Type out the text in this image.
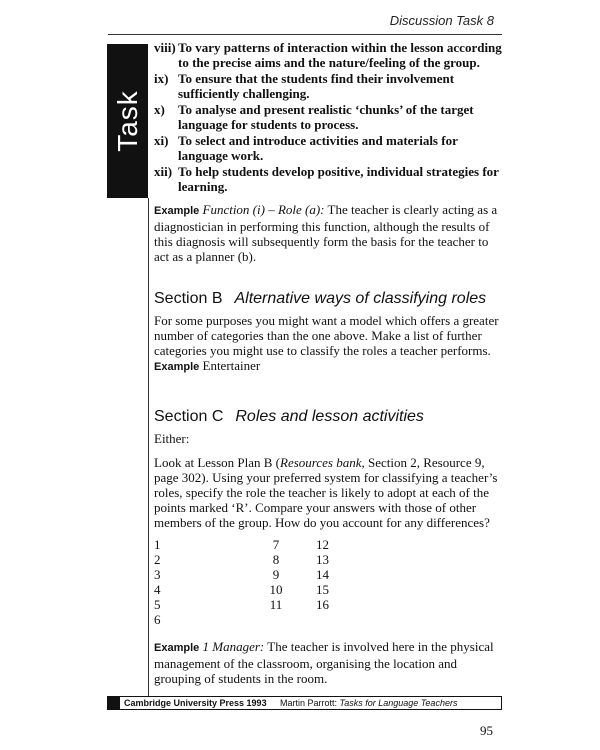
Discussion Task 8
Task
viii) To vary patterns of interaction within the lesson according to the precise aims and the nature/feeling of the group.
ix) To ensure that the students find their involvement sufficiently challenging.
x)	To analyse and present realistic ‘chunks’ of the target language for students to process.
xi) To select and introduce activities and materials for language work.
xii) To help students develop positive, individual strategies for learning.

Example Function (i) – Role (a): The teacher is clearly acting as a diagnostician in performing this function, although the results of this diagnosis will subsequently form the basis for the teacher to act as a planner (b).

Section B Alternative ways of classifying roles

For some purposes you might want a model which offers a greater number of categories than the one above. Make a list of further categories you might use to classify the roles a teacher performs.

Example Entertainer

Section C Roles and lesson activities

Either:

Look at Lesson Plan B (Resources bank, Section 2, Resource 9, page 302). Using your preferred system for classifying a teacher’s roles, specify the role the teacher is likely to adopt at each of the points marked ‘R’. Compare your answers with those of other members of the group. How do you account for any differences?

1
2
3
4
5
6
7
8
9
10
11
12
13
14
15
16

Example 1 Manager: The teacher is involved here in the physical management of the classroom, organising the location and grouping of students in the room.

Cambridge University Press 1993 Martin Parrott: Tasks for Language Teachers
95
